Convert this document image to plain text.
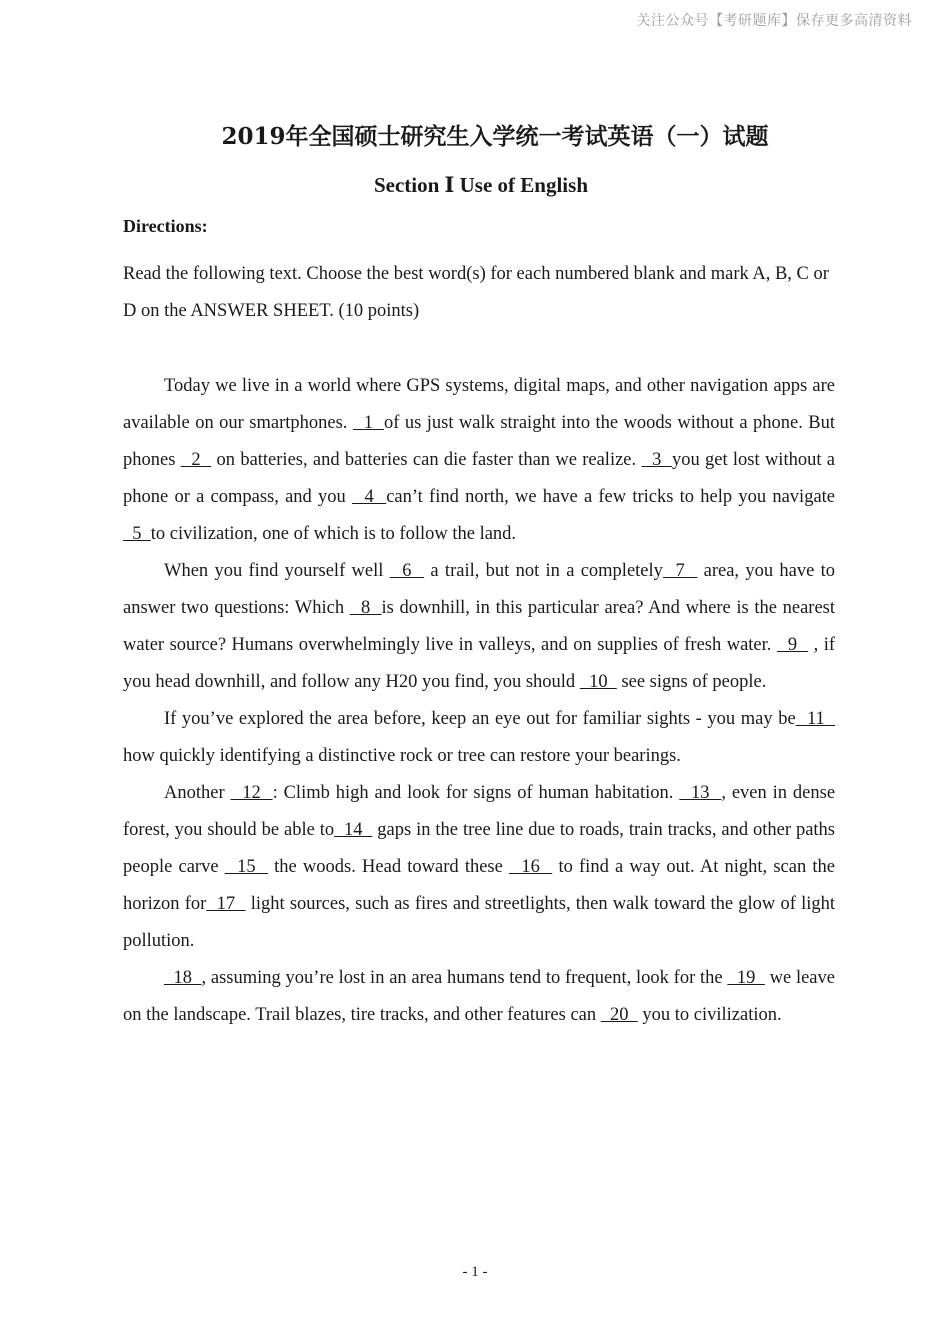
关注公众号【考研题库】保存更多高清资料
2019年全国硕士研究生入学统一考试英语（一）试题
Section Ⅰ Use of English
Directions:
Read the following text. Choose the best word(s) for each numbered blank and mark A, B, C or D on the ANSWER SHEET. (10 points)

Today we live in a world where GPS systems, digital maps, and other navigation apps are available on our smartphones.   1  of us just walk straight into the woods without a phone. But phones   2   on batteries, and batteries can die faster than we realize.   3  you get lost without a phone or a compass, and you   4  can’t find north, we have a few tricks to help you navigate  5  to civilization, one of which is to follow the land.

When you find yourself well   6   a trail, but not in a completely  7   area, you have to answer two questions: Which   8  is downhill, in this particular area? And where is the nearest water source? Humans overwhelmingly live in valleys, and on supplies of fresh water.   9   , if you head downhill, and follow any H20 you find, you should   10   see signs of people.

If you’ve explored the area before, keep an eye out for familiar sights - you may be  11   how quickly identifying a distinctive rock or tree can restore your bearings.

Another   12  : Climb high and look for signs of human habitation.   13  , even in dense forest, you should be able to  14   gaps in the tree line due to roads, train tracks, and other paths people carve   15   the woods. Head toward these   16   to find a way out. At night, scan the horizon for  17   light sources, such as fires and streetlights, then walk toward the glow of light pollution.

18  , assuming you’re lost in an area humans tend to frequent, look for the   19   we leave on the landscape. Trail blazes, tire tracks, and other features can   20   you to civilization.

- 1 -
